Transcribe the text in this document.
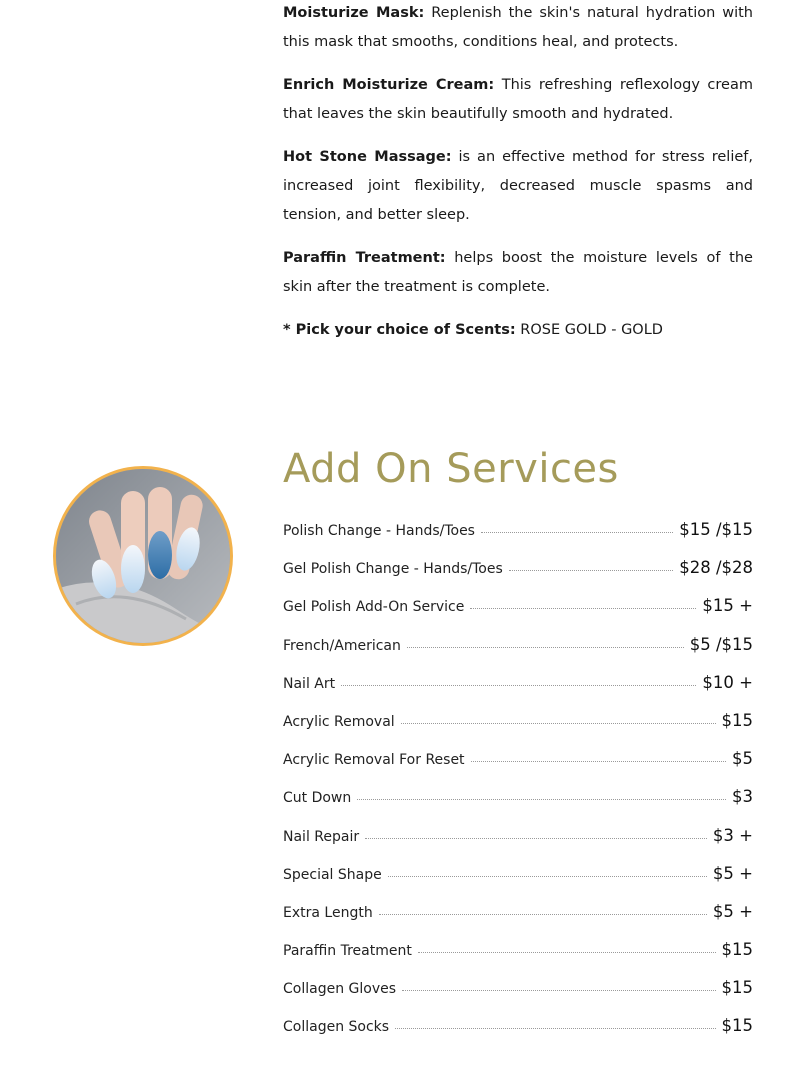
Moisturize Mask: Replenish the skin's natural hydration with this mask that smooths, conditions heal, and protects.

Enrich Moisturize Cream: This refreshing reflexology cream that leaves the skin beautifully smooth and hydrated.

Hot Stone Massage: is an effective method for stress relief, increased joint flexibility, decreased muscle spasms and tension, and better sleep.

Paraffin Treatment: helps boost the moisture levels of the skin after the treatment is complete.

* Pick your choice of Scents: ROSE GOLD - GOLD

Add On Services
Polish Change - Hands/Toes	$15 /$15
Gel Polish Change - Hands/Toes	$28 /$28
Gel Polish Add-On Service	$15 +
French/American	$5 /$15
Nail Art	$10 +
Acrylic Removal	$15
Acrylic Removal For Reset	$5
Cut Down	$3
Nail Repair	$3 +
Special Shape	$5 +
Extra Length	$5 +
Paraffin Treatment	$15
Collagen Gloves	$15
Collagen Socks	$15
